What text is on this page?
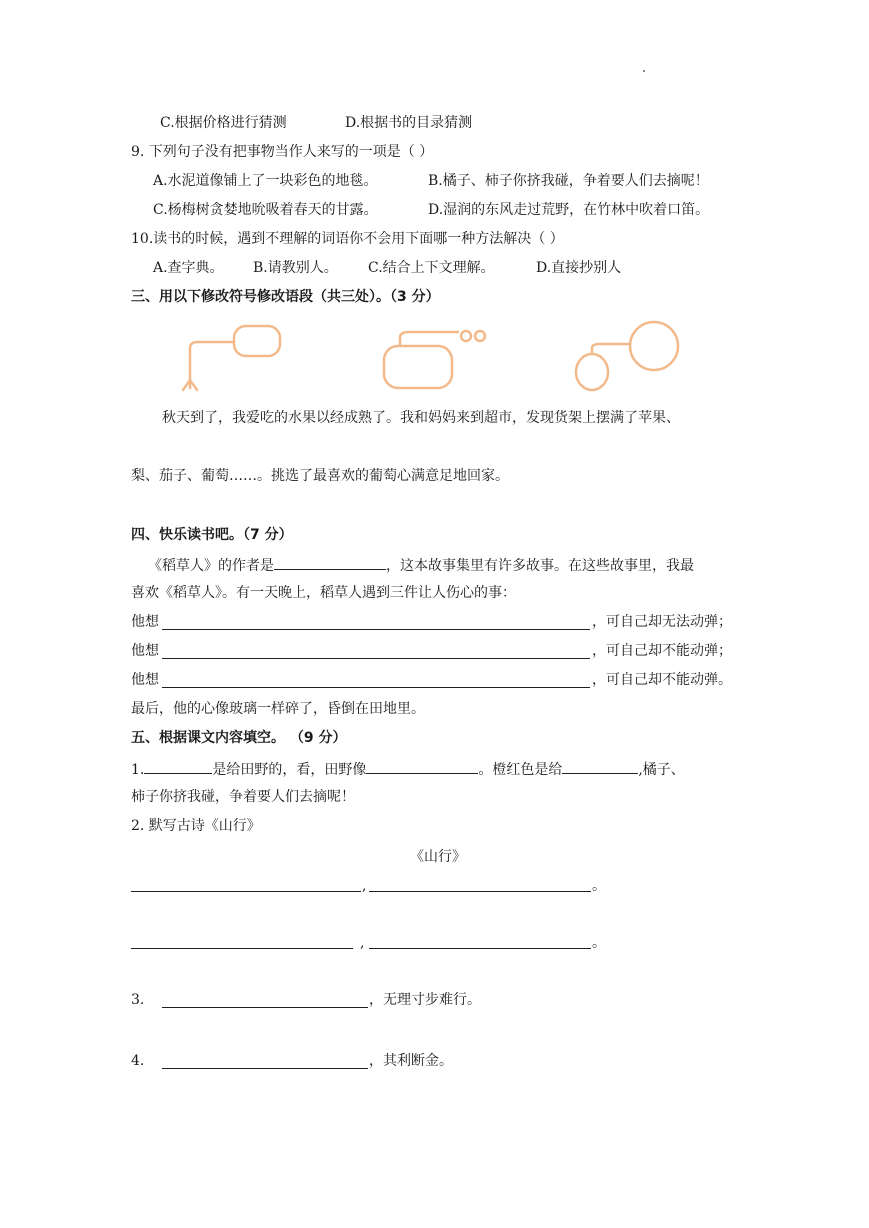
C.根据价格进行猜测	D.根据书的目录猜测
9. 下列句子没有把事物当作人来写的一项是（ ）
A.水泥道像铺上了一块彩色的地毯。	B.橘子、柿子你挤我碰，争着要人们去摘呢！
C.杨梅树贪婪地吮吸着春天的甘露。	D.湿润的东风走过荒野，在竹林中吹着口笛。
10.读书的时候，遇到不理解的词语你不会用下面哪一种方法解决（ ）
A.查字典。 B.请教别人。 C.结合上下文理解。	D.直接抄别人
三、用以下修改符号修改语段（共三处）。（3 分）
秋天到了，我爱吃的水果以经成熟了。我和妈妈来到超市，发现货架上摆满了苹果、
梨、茄子、葡萄……。挑选了最喜欢的葡萄心满意足地回家。
四、快乐读书吧。（7 分）
《稻草人》的作者是	，这本故事集里有许多故事。在这些故事里，我最
喜欢《稻草人》。有一天晚上，稻草人遇到三件让人伤心的事：
他想	，可自己却无法动弹；
他想	，可自己却不能动弹；
他想	，可自己却不能动弹。
最后，他的心像玻璃一样碎了，昏倒在田地里。
五、根据课文内容填空。 （9 分）
1.	是给田野的，看，田野像	。橙红色是给	,橘子、
柿子你挤我碰，争着要人们去摘呢！
2. 默写古诗《山行》
《山行》
,	。
,	。
3.	，无理寸步难行。
4.	，其利断金。
